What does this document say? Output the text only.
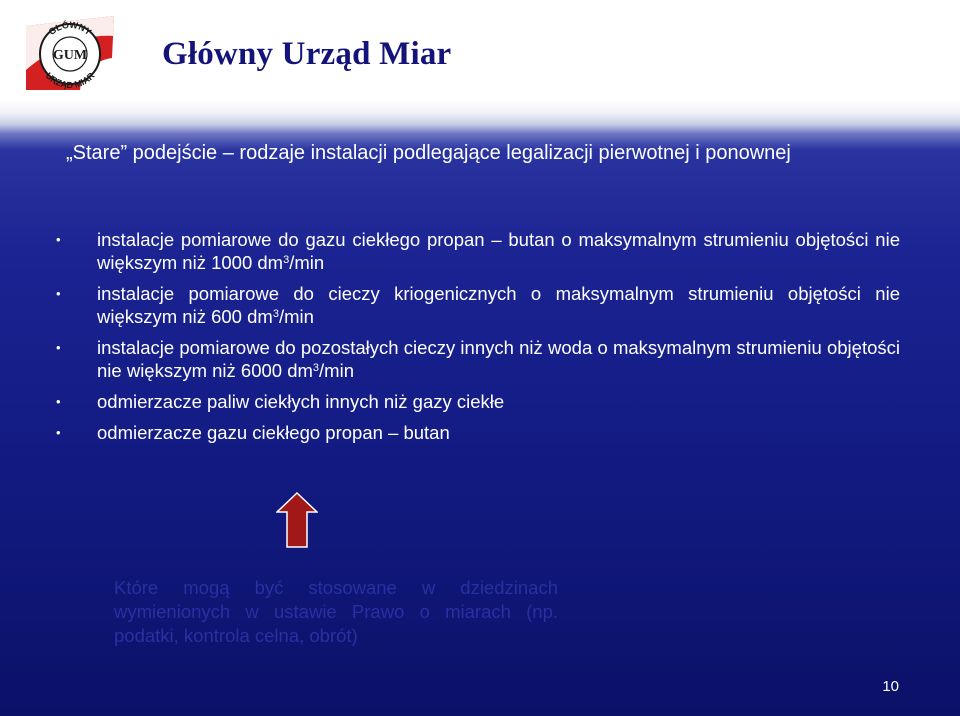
GŁÓWNY
URZĄD MIAR
GUM Główny Urząd Miar

„Stare” podejście – rodzaje instalacji podlegające legalizacji pierwotnej i ponownej

• instalacje pomiarowe do gazu ciekłego propan – butan o maksymalnym strumieniu objętości nie większym niż 1000 $dm^3/\min$
• instalacje pomiarowe do cieczy kriogenicznych o maksymalnym strumieniu objętości nie większym niż 600 $dm^3/\min$
• instalacje pomiarowe do pozostałych cieczy innych niż woda o maksymalnym strumieniu objętości nie większym niż 6000 $dm^3/\min$
• odmierzacze paliw ciekłych innych niż gazy ciekłe
• odmierzacze gazu ciekłego propan – butan

Które mogą być stosowane w dziedzinach wymienionych w ustawie Prawo o miarach (np. podatki, kontrola celna, obrót)

10
